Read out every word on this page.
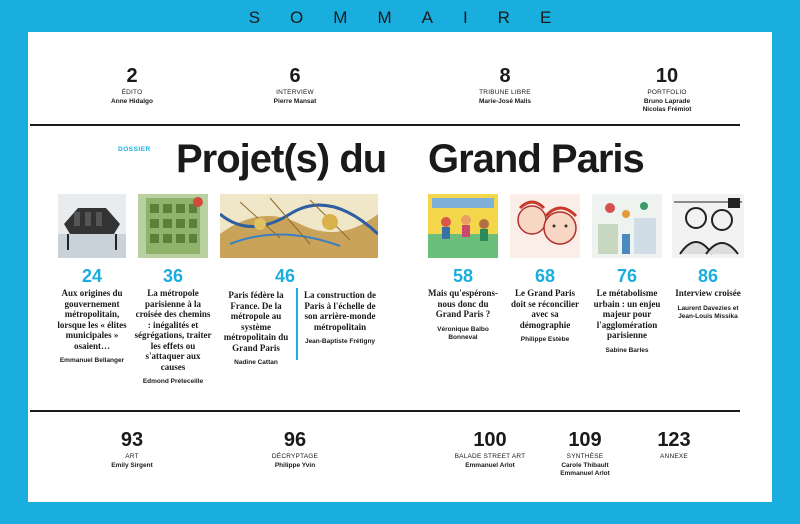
SOMMAIRE
2
ÉDITO
Anne Hidalgo
6
INTERVIEW
Pierre Mansat
8
TRIBUNE LIBRE
Marie-José Malis
10
PORTFOLIO
Bruno Laprade
Nicolas Frémiot
DOSSIER Projet(s) du Grand Paris
24
Aux origines du gouvernement métropolitain, lorsque les « élites municipales » osaient…
Emmanuel Bellanger
36
La métropole parisienne à la croisée des chemins : inégalités et ségrégations, traiter les effets ou s'attaquer aux causes
Edmond Préteceille
46
Paris fédère la France. De la métropole au système métropolitain du Grand Paris
Nadine Cattan
La construction de Paris à l'échelle de son arrière-monde métropolitain
Jean-Baptiste Frétigny
58
Mais qu'espérons-nous donc du Grand Paris ?
Véronique Balbo Bonneval
68
Le Grand Paris doit se réconcilier avec sa démographie
Philippe Estèbe
76
Le métabolisme urbain : un enjeu majeur pour l'agglomération parisienne
Sabine Barles
86
Interview croisée
Laurent Davezies et Jean-Louis Missika
93
ART
Emily Sirgent
96
DÉCRYPTAGE
Philippe Yvin
100
BALADE STREET ART
Emmanuel Arlot
109
SYNTHÈSE
Carole Thibault
Emmanuel Arlot
123
ANNEXE
